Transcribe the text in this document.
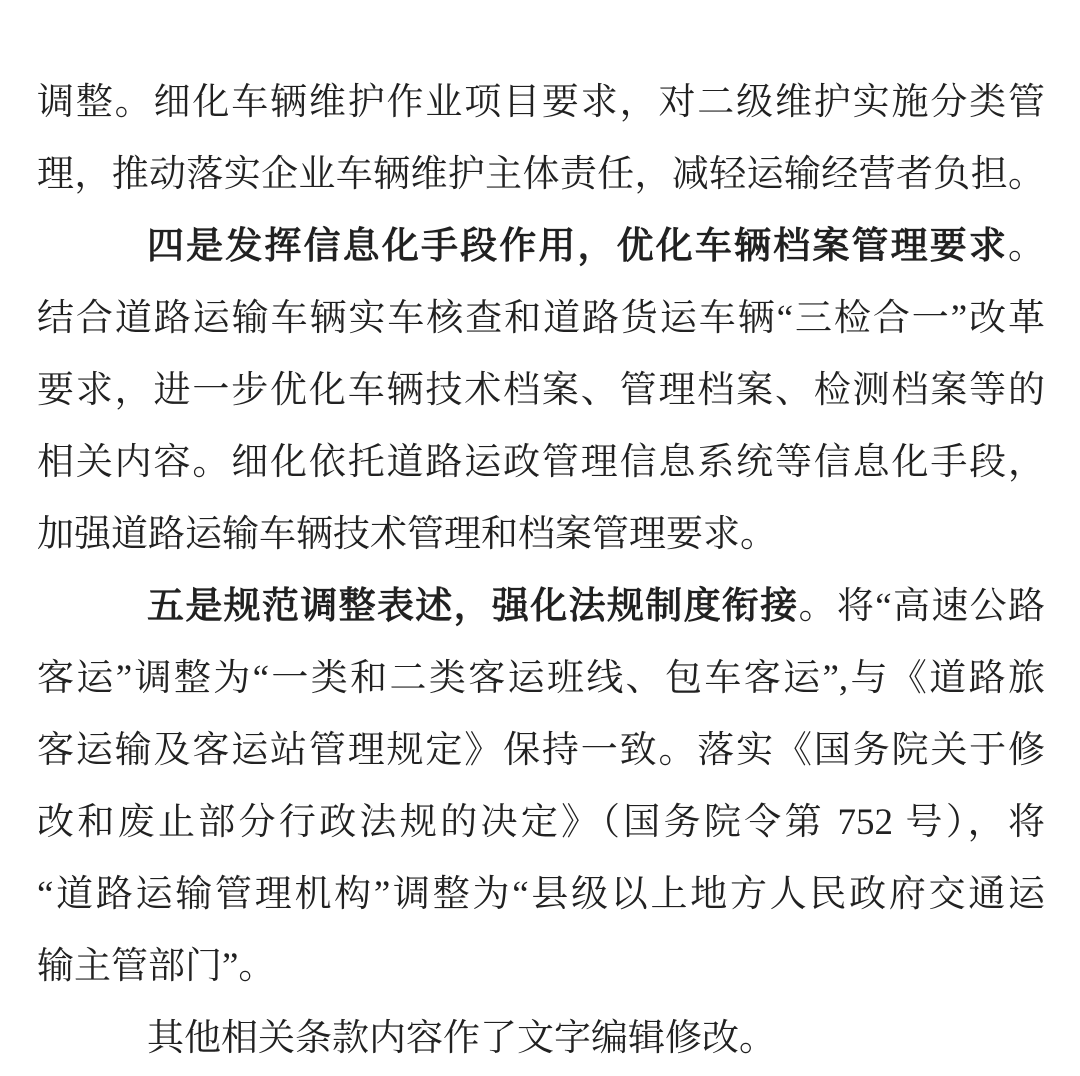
调整。细化车辆维护作业项目要求，对二级维护实施分类管
理，推动落实企业车辆维护主体责任，减轻运输经营者负担。
四是发挥信息化手段作用，优化车辆档案管理要求。
结合道路运输车辆实车核查和道路货运车辆“三检合一”改革
要求，进一步优化车辆技术档案、管理档案、检测档案等的
相关内容。细化依托道路运政管理信息系统等信息化手段，
加强道路运输车辆技术管理和档案管理要求。
五是规范调整表述，强化法规制度衔接。将“高速公路
客运”调整为“一类和二类客运班线、包车客运”,与《道路旅
客运输及客运站管理规定》保持一致。落实《国务院关于修
改和废止部分行政法规的决定》（国务院令第 752 号），将
“道路运输管理机构”调整为“县级以上地方人民政府交通运
输主管部门”。
其他相关条款内容作了文字编辑修改。
